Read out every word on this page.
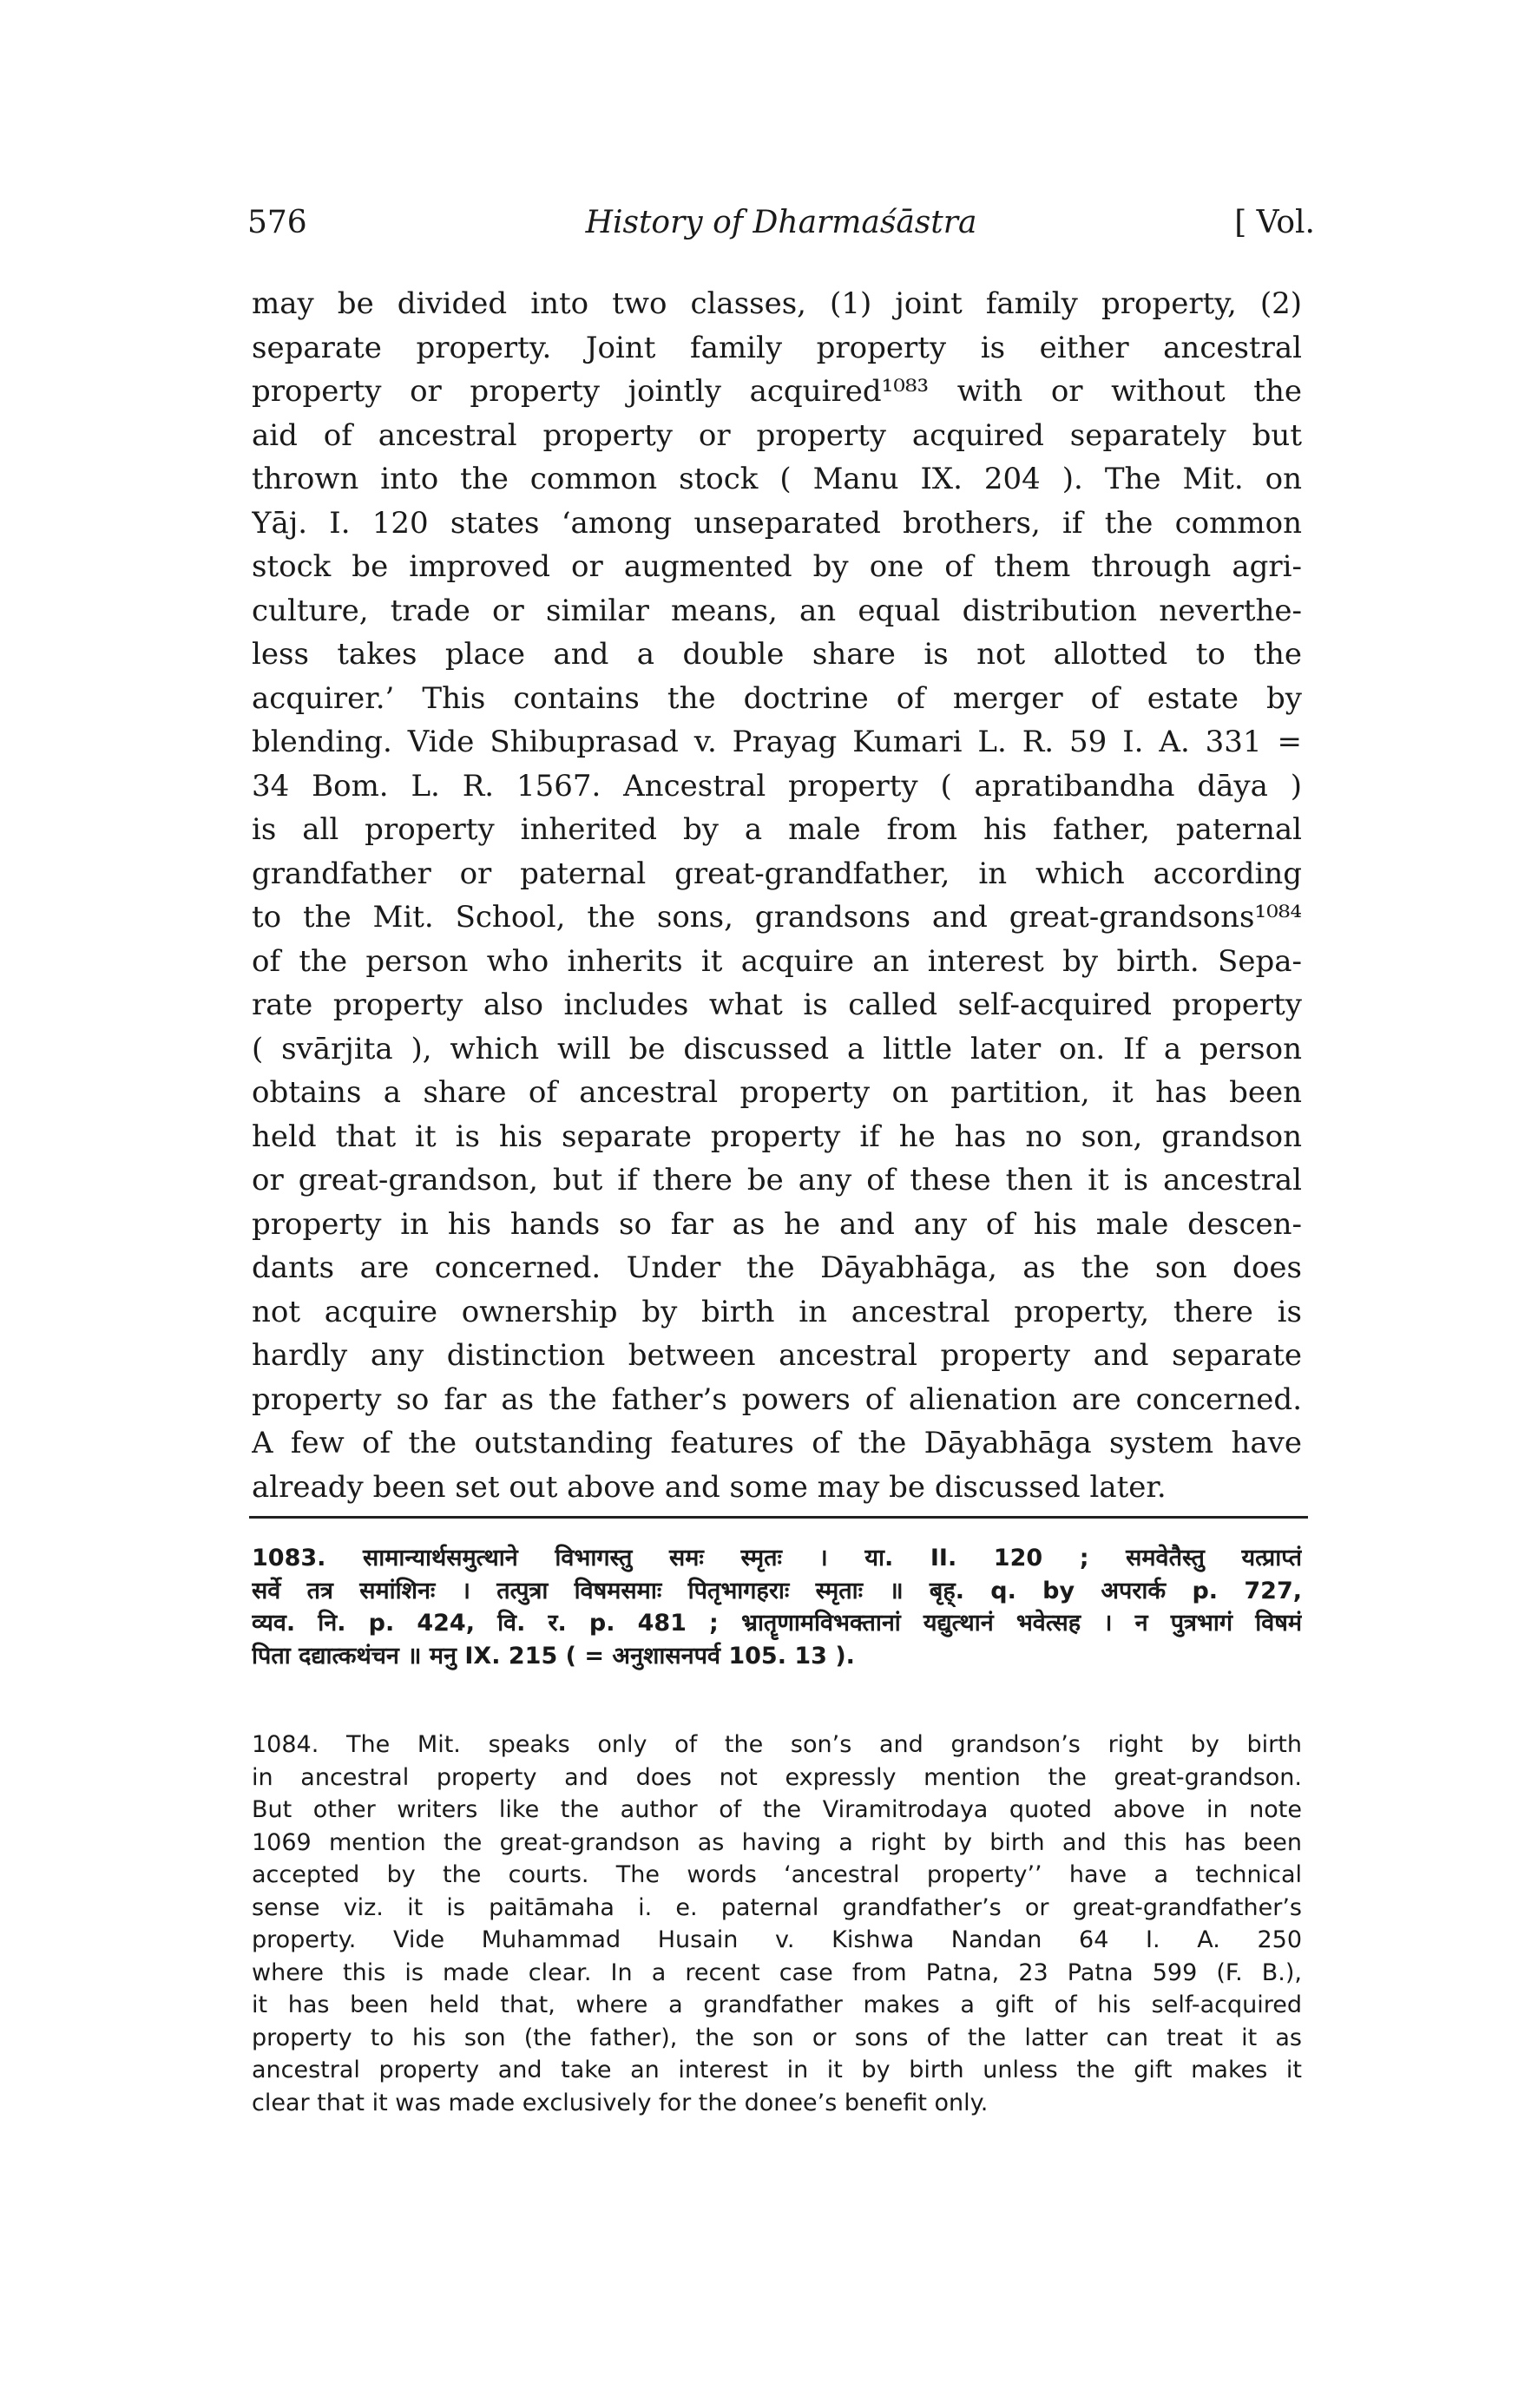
576	History of Dharmaśāstra	[ Vol.
may be divided into two classes, (1) joint family property, (2)
separate property. Joint family property is either ancestral
property or property jointly acquired¹⁰⁸³ with or without the
aid of ancestral property or property acquired separately but
thrown into the common stock ( Manu IX. 204 ). The Mit. on
Yāj. I. 120 states ‘among unseparated brothers, if the common
stock be improved or augmented by one of them through agri-
culture, trade or similar means, an equal distribution neverthe-
less takes place and a double share is not allotted to the
acquirer.’ This contains the doctrine of merger of estate by
blending. Vide Shibuprasad v. Prayag Kumari L. R. 59 I. A. 331 =
34 Bom. L. R. 1567. Ancestral property ( apratibandha dāya )
is all property inherited by a male from his father, paternal
grandfather or paternal great-grandfather, in which according
to the Mit. School, the sons, grandsons and great-grandsons¹⁰⁸⁴
of the person who inherits it acquire an interest by birth. Sepa-
rate property also includes what is called self-acquired property
( svārjita ), which will be discussed a little later on. If a person
obtains a share of ancestral property on partition, it has been
held that it is his separate property if he has no son, grandson
or great-grandson, but if there be any of these then it is ancestral
property in his hands so far as he and any of his male descen-
dants are concerned. Under the Dāyabhāga, as the son does
not acquire ownership by birth in ancestral property, there is
hardly any distinction between ancestral property and separate
property so far as the father’s powers of alienation are concerned.
A few of the outstanding features of the Dāyabhāga system have
already been set out above and some may be discussed later.
1083. सामान्यार्थसमुत्थाने विभागस्तु समः स्मृतः । या. II. 120 ; समवेतैस्तु यत्प्राप्तं
सर्वे तत्र समांशिनः । तत्पुत्रा विषमसमाः पितृभागहराः स्मृताः ॥ बृह्. q. by अपरार्क p. 727,
व्यव. नि. p. 424, वि. र. p. 481 ; भ्रातॄणामविभक्तानां यद्युत्थानं भवेत्सह । न पुत्रभागं विषमं
पिता दद्यात्कथंचन ॥ मनु IX. 215 ( = अनुशासनपर्व 105. 13 ).
1084. The Mit. speaks only of the son’s and grandson’s right by birth
in ancestral property and does not expressly mention the great-grandson.
But other writers like the author of the Viramitrodaya quoted above in note
1069 mention the great-grandson as having a right by birth and this has been
accepted by the courts. The words ‘ancestral property’’ have a technical
sense viz. it is paitāmaha i. e. paternal grandfather’s or great-grandfather’s
property. Vide Muhammad Husain v. Kishwa Nandan 64 I. A. 250
where this is made clear. In a recent case from Patna, 23 Patna 599 (F. B.),
it has been held that, where a grandfather makes a gift of his self-acquired
property to his son (the father), the son or sons of the latter can treat it as
ancestral property and take an interest in it by birth unless the gift makes it
clear that it was made exclusively for the donee’s benefit only.
